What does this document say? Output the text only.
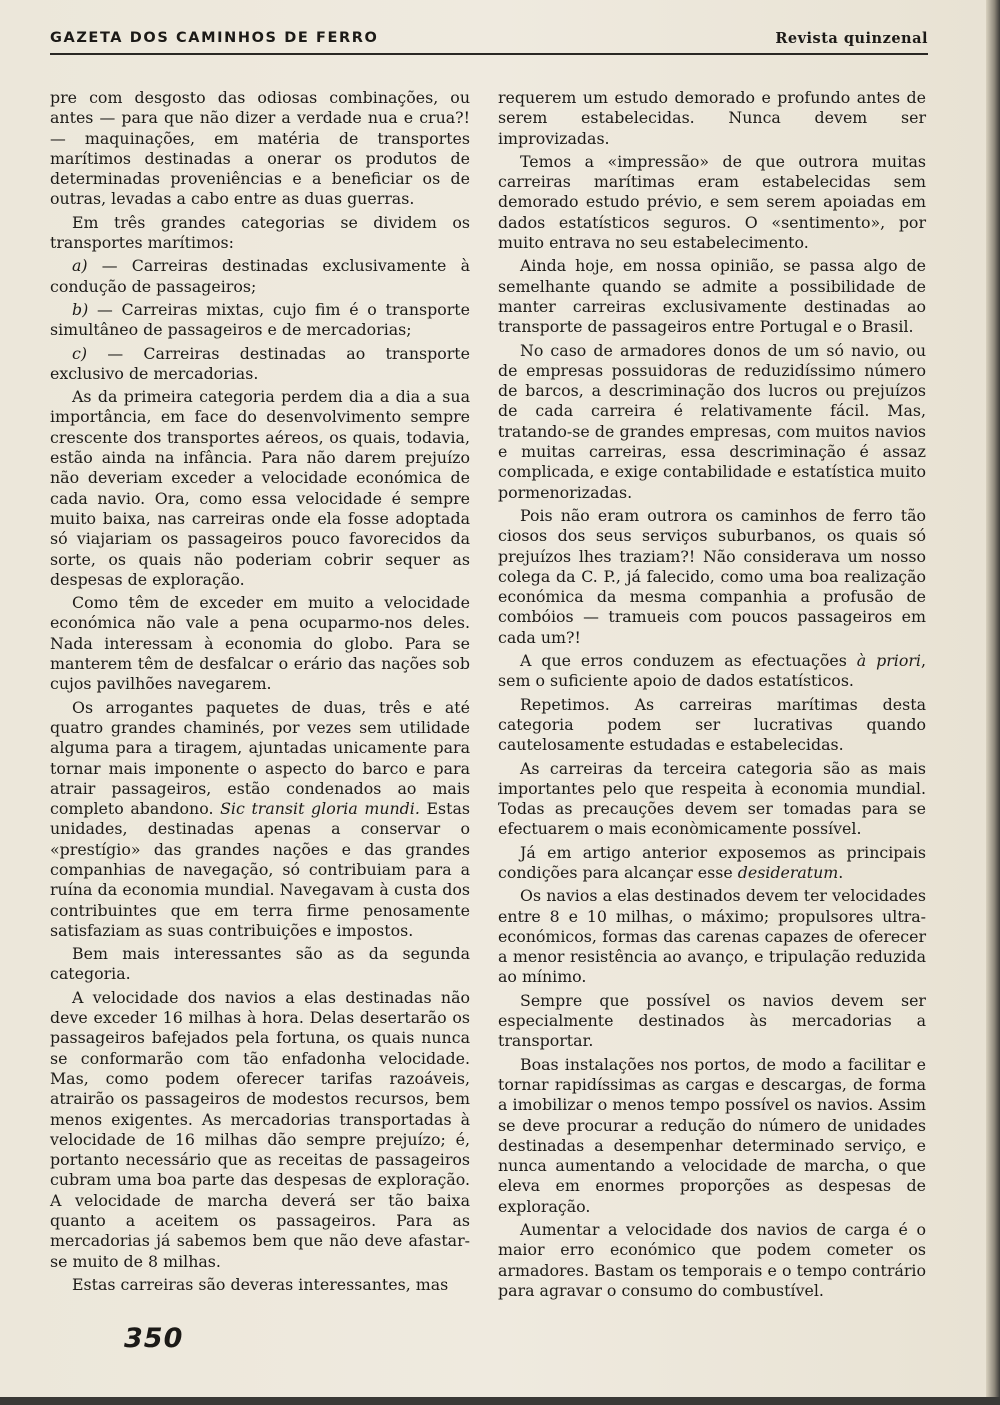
GAZETA DOS CAMINHOS DE FERRO	Revista quinzenal

pre com desgosto das odiosas combinações, ou antes — para que não dizer a verdade nua e crua?! — maquinações, em matéria de transportes marítimos destinadas a onerar os produtos de determinadas proveniências e a beneficiar os de outras, levadas a cabo entre as duas guerras.

Em três grandes categorias se dividem os transportes marítimos:

a) — Carreiras destinadas exclusivamente à condução de passageiros;

b) — Carreiras mixtas, cujo fim é o transporte simultâneo de passageiros e de mercadorias;

c) — Carreiras destinadas ao transporte exclusivo de mercadorias.

As da primeira categoria perdem dia a dia a sua importância, em face do desenvolvimento sempre crescente dos transportes aéreos, os quais, todavia, estão ainda na infância. Para não darem prejuízo não deveriam exceder a velocidade económica de cada navio. Ora, como essa velocidade é sempre muito baixa, nas carreiras onde ela fosse adoptada só viajariam os passageiros pouco favorecidos da sorte, os quais não poderiam cobrir sequer as despesas de exploração.

Como têm de exceder em muito a velocidade económica não vale a pena ocuparmo-nos deles. Nada interessam à economia do globo. Para se manterem têm de desfalcar o erário das nações sob cujos pavilhões navegarem.

Os arrogantes paquetes de duas, três e até quatro grandes chaminés, por vezes sem utilidade alguma para a tiragem, ajuntadas unicamente para tornar mais imponente o aspecto do barco e para atrair passageiros, estão condenados ao mais completo abandono. Sic transit gloria mundi. Estas unidades, destinadas apenas a conservar o «prestígio» das grandes nações e das grandes companhias de navegação, só contribuiam para a ruína da economia mundial. Navegavam à custa dos contribuintes que em terra firme penosamente satisfaziam as suas contribuições e impostos.

Bem mais interessantes são as da segunda categoria.

A velocidade dos navios a elas destinadas não deve exceder 16 milhas à hora. Delas desertarão os passageiros bafejados pela fortuna, os quais nunca se conformarão com tão enfadonha velocidade. Mas, como podem oferecer tarifas razoáveis, atrairão os passageiros de modestos recursos, bem menos exigentes. As mercadorias transportadas à velocidade de 16 milhas dão sempre prejuízo; é, portanto necessário que as receitas de passageiros cubram uma boa parte das despesas de exploração. A velocidade de marcha deverá ser tão baixa quanto a aceitem os passageiros. Para as mercadorias já sabemos bem que não deve afastar-se muito de 8 milhas.

Estas carreiras são deveras interessantes, mas

requerem um estudo demorado e profundo antes de serem estabelecidas. Nunca devem ser improvizadas.

Temos a «impressão» de que outrora muitas carreiras marítimas eram estabelecidas sem demorado estudo prévio, e sem serem apoiadas em dados estatísticos seguros. O «sentimento», por muito entrava no seu estabelecimento.

Ainda hoje, em nossa opinião, se passa algo de semelhante quando se admite a possibilidade de manter carreiras exclusivamente destinadas ao transporte de passageiros entre Portugal e o Brasil.

No caso de armadores donos de um só navio, ou de empresas possuidoras de reduzidíssimo número de barcos, a descriminação dos lucros ou prejuízos de cada carreira é relativamente fácil. Mas, tratando-se de grandes empresas, com muitos navios e muitas carreiras, essa descriminação é assaz complicada, e exige contabilidade e estatística muito pormenorizadas.

Pois não eram outrora os caminhos de ferro tão ciosos dos seus serviços suburbanos, os quais só prejuízos lhes traziam?! Não considerava um nosso colega da C. P., já falecido, como uma boa realização económica da mesma companhia a profusão de combóios — tramueis com poucos passageiros em cada um?!

A que erros conduzem as efectuações à priori, sem o suficiente apoio de dados estatísticos.

Repetimos. As carreiras marítimas desta categoria podem ser lucrativas quando cautelosamente estudadas e estabelecidas.

As carreiras da terceira categoria são as mais importantes pelo que respeita à economia mundial. Todas as precauções devem ser tomadas para se efectuarem o mais econòmicamente possível.

Já em artigo anterior exposemos as principais condições para alcançar esse desideratum.

Os navios a elas destinados devem ter velocidades entre 8 e 10 milhas, o máximo; propulsores ultra-económicos, formas das carenas capazes de oferecer a menor resistência ao avanço, e tripulação reduzida ao mínimo.

Sempre que possível os navios devem ser especialmente destinados às mercadorias a transportar.

Boas instalações nos portos, de modo a facilitar e tornar rapidíssimas as cargas e descargas, de forma a imobilizar o menos tempo possível os navios. Assim se deve procurar a redução do número de unidades destinadas a desempenhar determinado serviço, e nunca aumentando a velocidade de marcha, o que eleva em enormes proporções as despesas de exploração.

Aumentar a velocidade dos navios de carga é o maior erro económico que podem cometer os armadores. Bastam os temporais e o tempo contrário para agravar o consumo do combustível.

350
